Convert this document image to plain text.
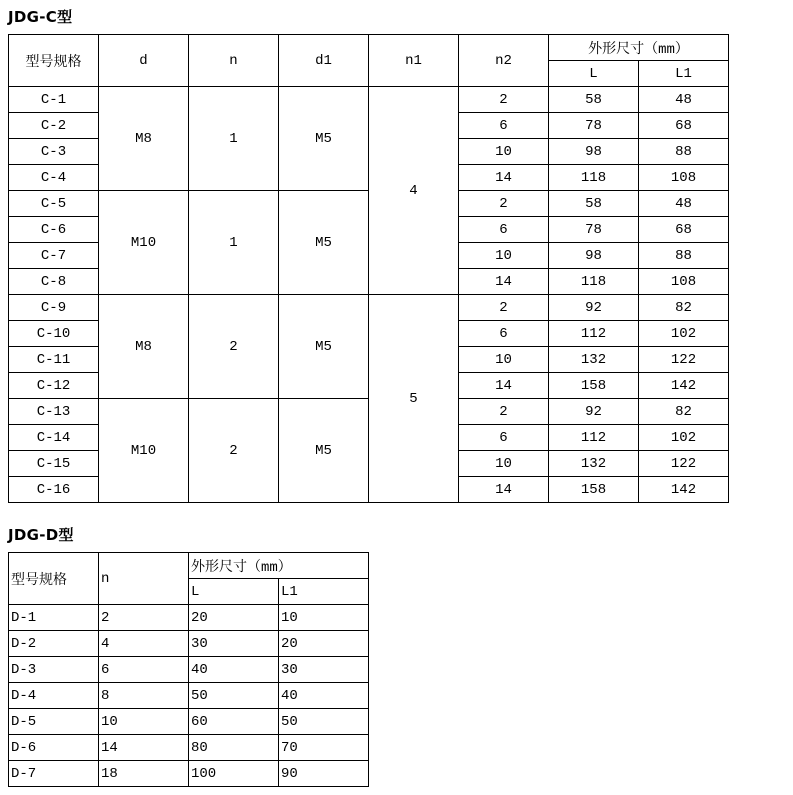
JDG-C型
型号规格	d	n	d1	n1	n2	外形尺寸（mm）	
						L	L1
C-1	M8	1	M5	4	2	58	48
C-2					6	78	68
C-3					10	98	88
C-4					14	118	108
C-5	M10	1	M5		2	58	48
C-6					6	78	68
C-7					10	98	88
C-8					14	118	108
C-9	M8	2	M5	5	2	92	82
C-10					6	112	102
C-11					10	132	122
C-12					14	158	142
C-13	M10	2	M5		2	92	82
C-14					6	112	102
C-15					10	132	122
C-16					14	158	142
JDG-D型
型号规格	n	外形尺寸（mm）	
		L	L1
D-1	2	20	10
D-2	4	30	20
D-3	6	40	30
D-4	8	50	40
D-5	10	60	50
D-6	14	80	70
D-7	18	100	90
